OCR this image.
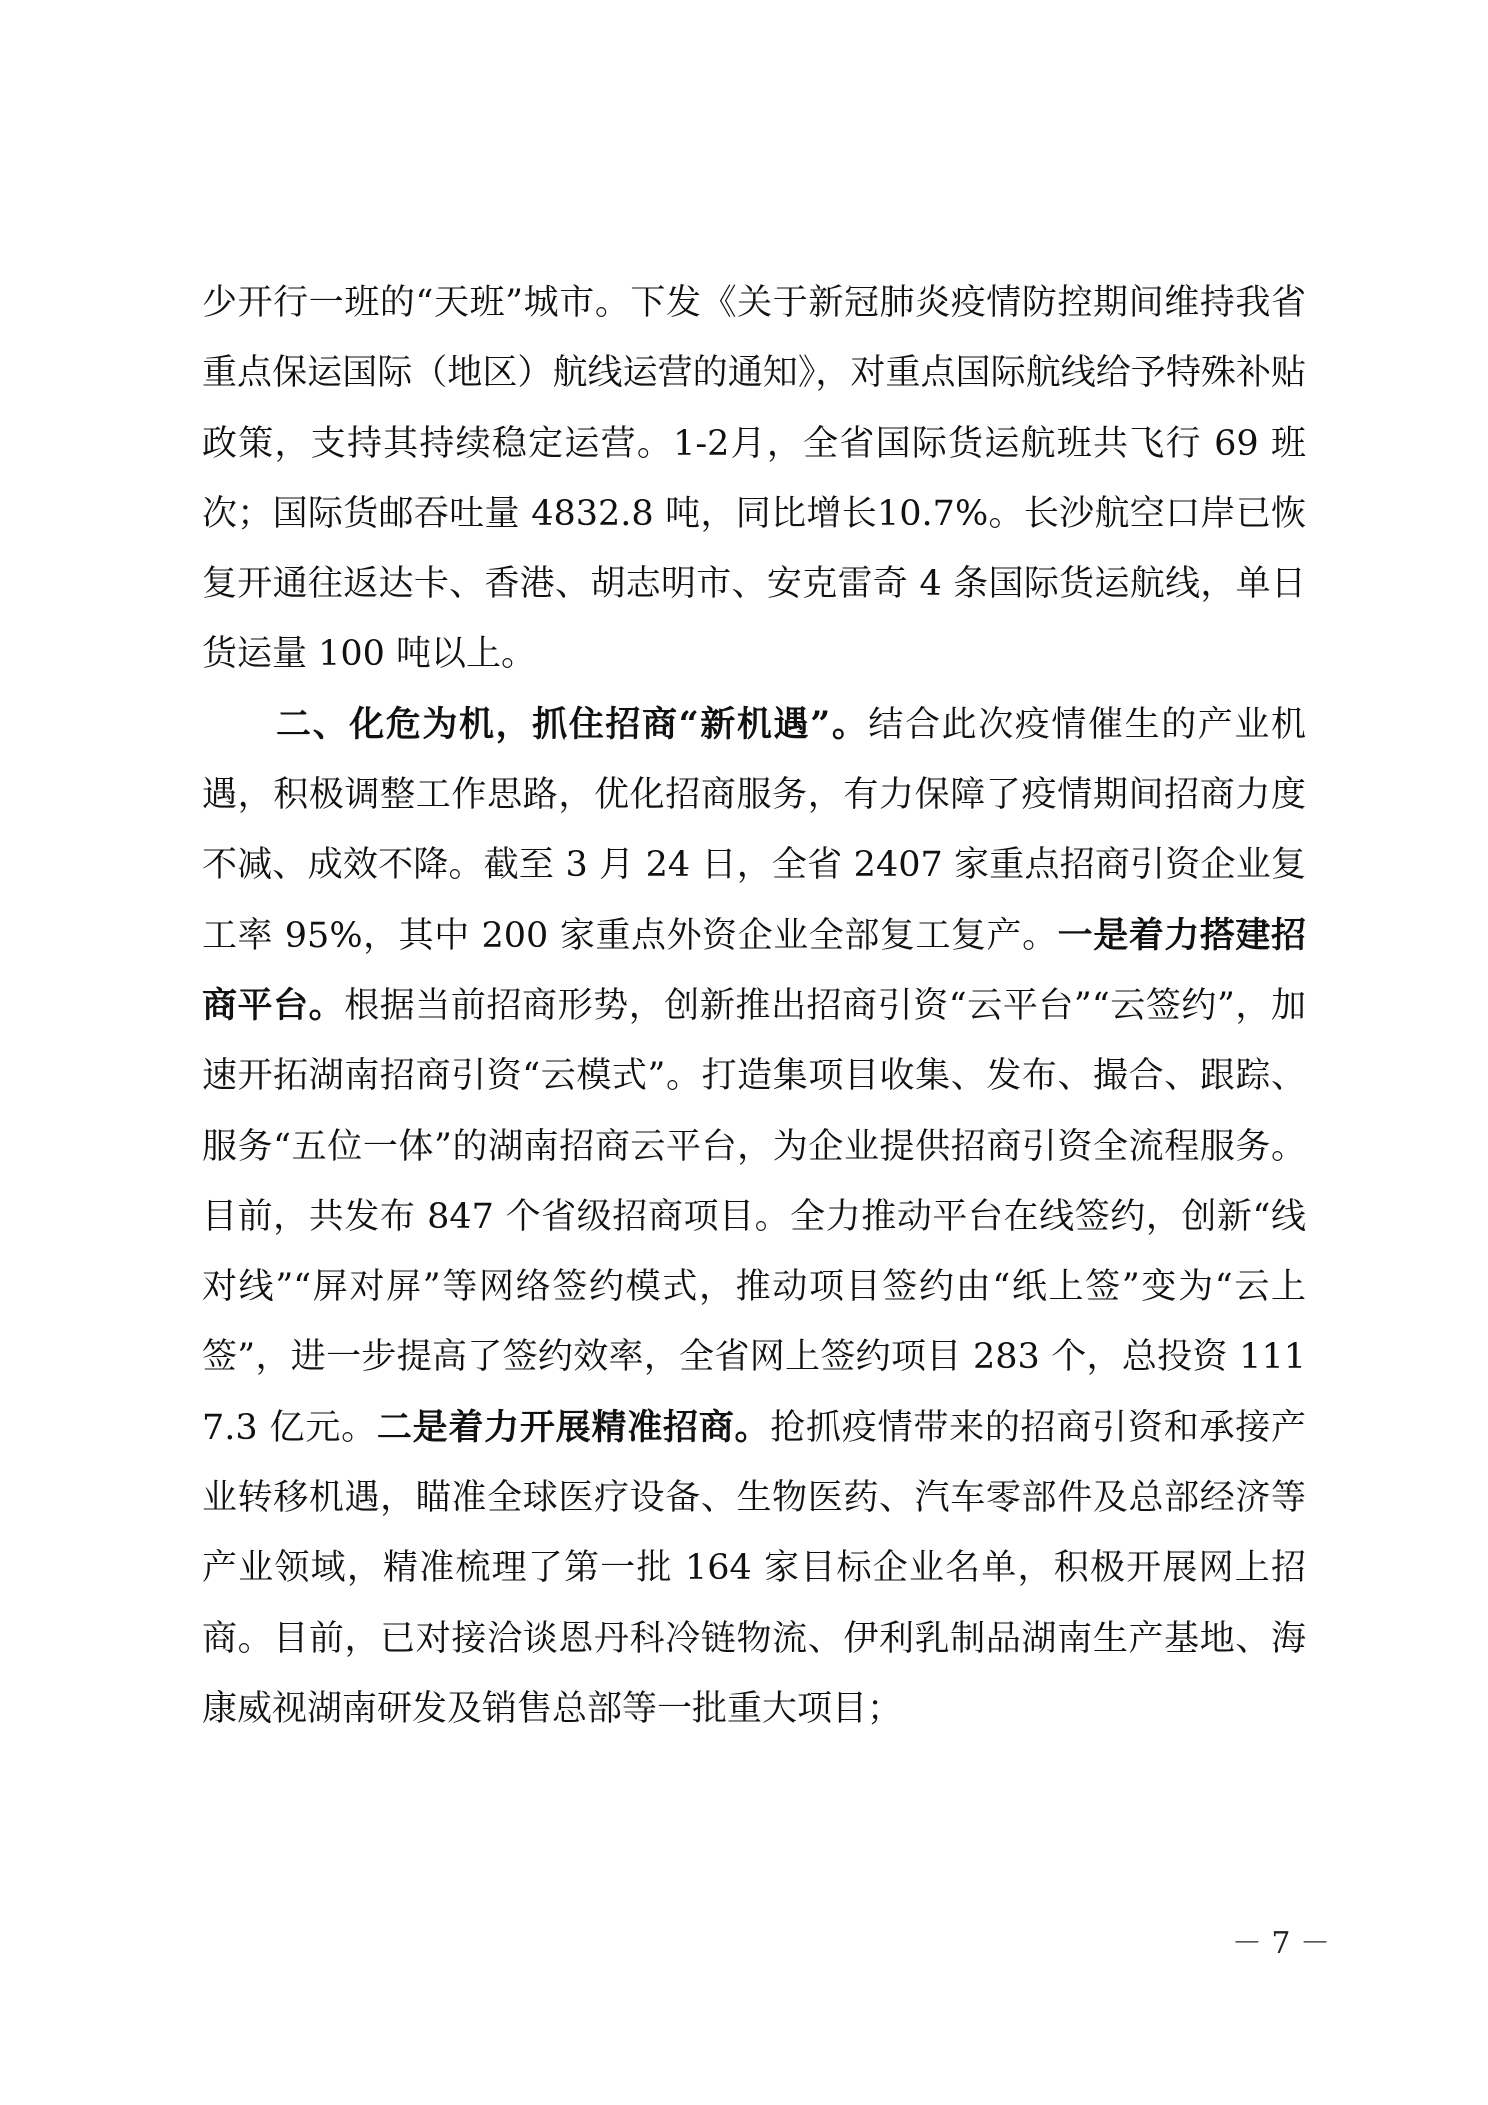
少开行一班的“天班”城市。下发《关于新冠肺炎疫情防控期间维持我省重点保运国际（地区）航线运营的通知》，对重点国际航线给予特殊补贴政策，支持其持续稳定运营。1-2月，全省国际货运航班共飞行 69 班次；国际货邮吞吐量 4832.8 吨，同比增长10.7%。长沙航空口岸已恢复开通往返达卡、香港、胡志明市、安克雷奇 4 条国际货运航线，单日货运量 100 吨以上。

二、化危为机，抓住招商“新机遇”。结合此次疫情催生的产业机遇，积极调整工作思路，优化招商服务，有力保障了疫情期间招商力度不减、成效不降。截至 3 月 24 日，全省 2407 家重点招商引资企业复工率 95%，其中 200 家重点外资企业全部复工复产。一是着力搭建招商平台。根据当前招商形势，创新推出招商引资“云平台”“云签约”，加速开拓湖南招商引资“云模式”。打造集项目收集、发布、撮合、跟踪、服务“五位一体”的湖南招商云平台，为企业提供招商引资全流程服务。目前，共发布 847 个省级招商项目。全力推动平台在线签约，创新“线对线”“屏对屏”等网络签约模式，推动项目签约由“纸上签”变为“云上签”，进一步提高了签约效率，全省网上签约项目 283 个，总投资 1117.3 亿元。二是着力开展精准招商。抢抓疫情带来的招商引资和承接产业转移机遇，瞄准全球医疗设备、生物医药、汽车零部件及总部经济等产业领域，精准梳理了第一批 164 家目标企业名单，积极开展网上招商。目前，已对接洽谈恩丹科冷链物流、伊利乳制品湖南生产基地、海康威视湖南研发及销售总部等一批重大项目；

－ 7 －
